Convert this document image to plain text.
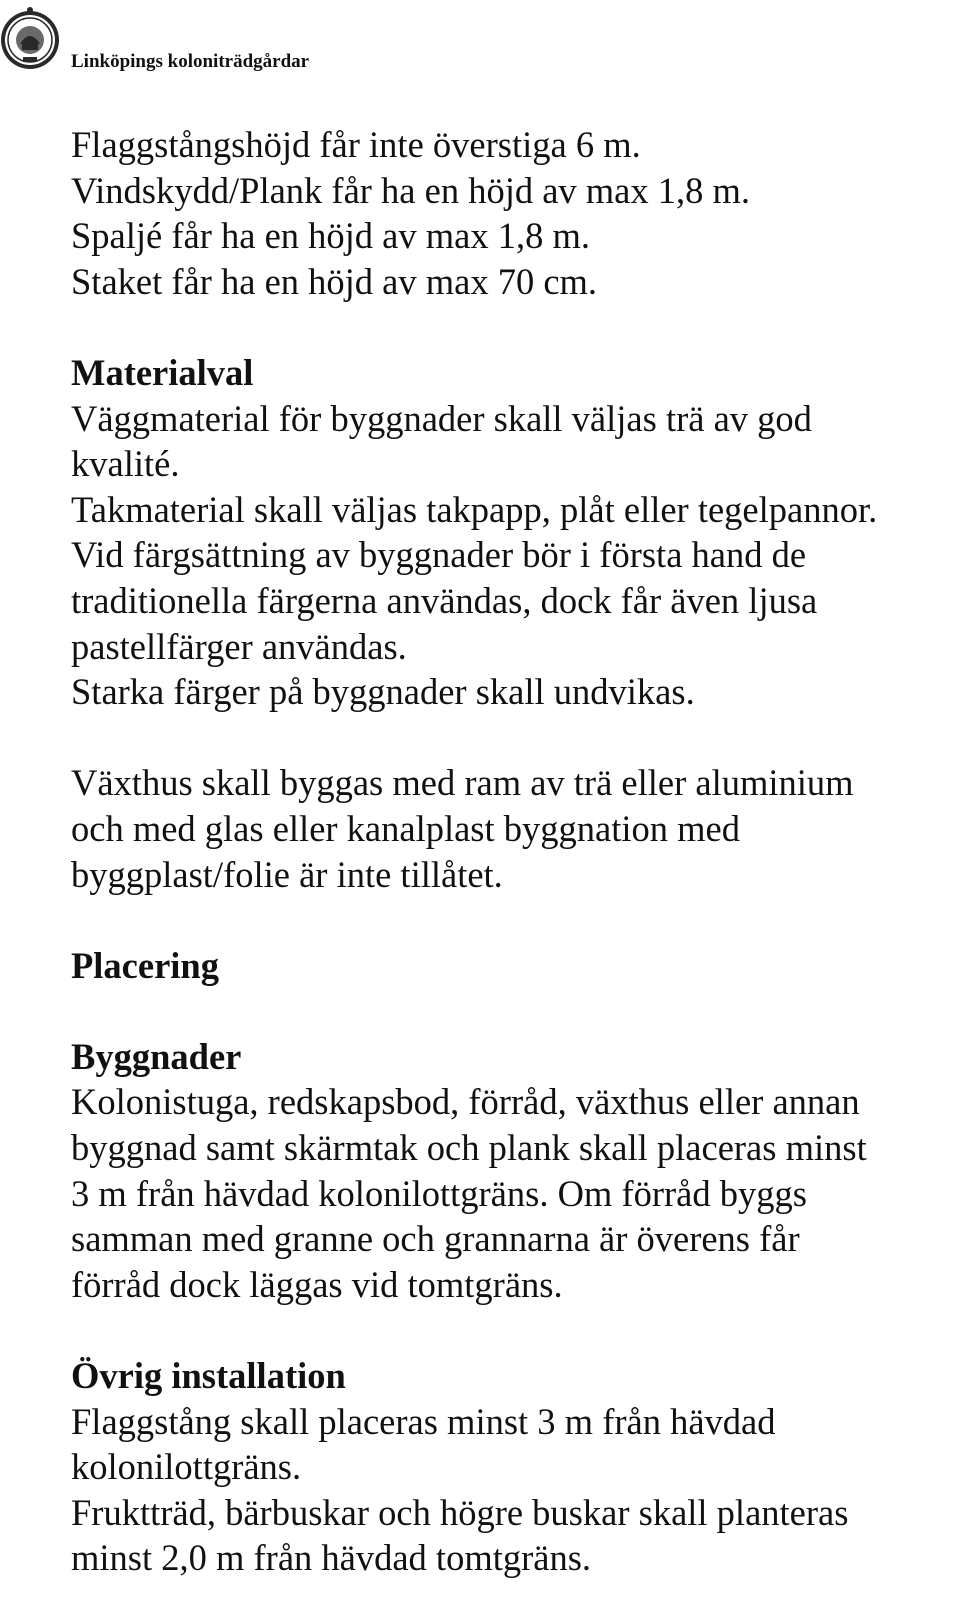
Linköpings koloniträdgårdar
Flaggstångshöjd får inte överstiga 6 m.
Vindskydd/Plank får ha en höjd av max 1,8 m.
Spaljé får ha en höjd av max 1,8 m.
Staket får ha en höjd av max 70 cm.
Materialval
Väggmaterial för byggnader skall väljas trä av god
kvalité.
Takmaterial skall väljas takpapp, plåt eller tegelpannor.
Vid färgsättning av byggnader bör i första hand de
traditionella färgerna användas, dock får även ljusa
pastellfärger användas.
Starka färger på byggnader skall undvikas.
Växthus skall byggas med ram av trä eller aluminium
och med glas eller kanalplast byggnation med
byggplast/folie är inte tillåtet.
Placering
Byggnader
Kolonistuga, redskapsbod, förråd, växthus eller annan
byggnad samt skärmtak och plank skall placeras minst
3 m från hävdad kolonilottgräns. Om förråd byggs
samman med granne och grannarna är överens får
förråd dock läggas vid tomtgräns.
Övrig installation
Flaggstång skall placeras minst 3 m från hävdad
kolonilottgräns.
Fruktträd, bärbuskar och högre buskar skall planteras
minst 2,0 m från hävdad tomtgräns.
